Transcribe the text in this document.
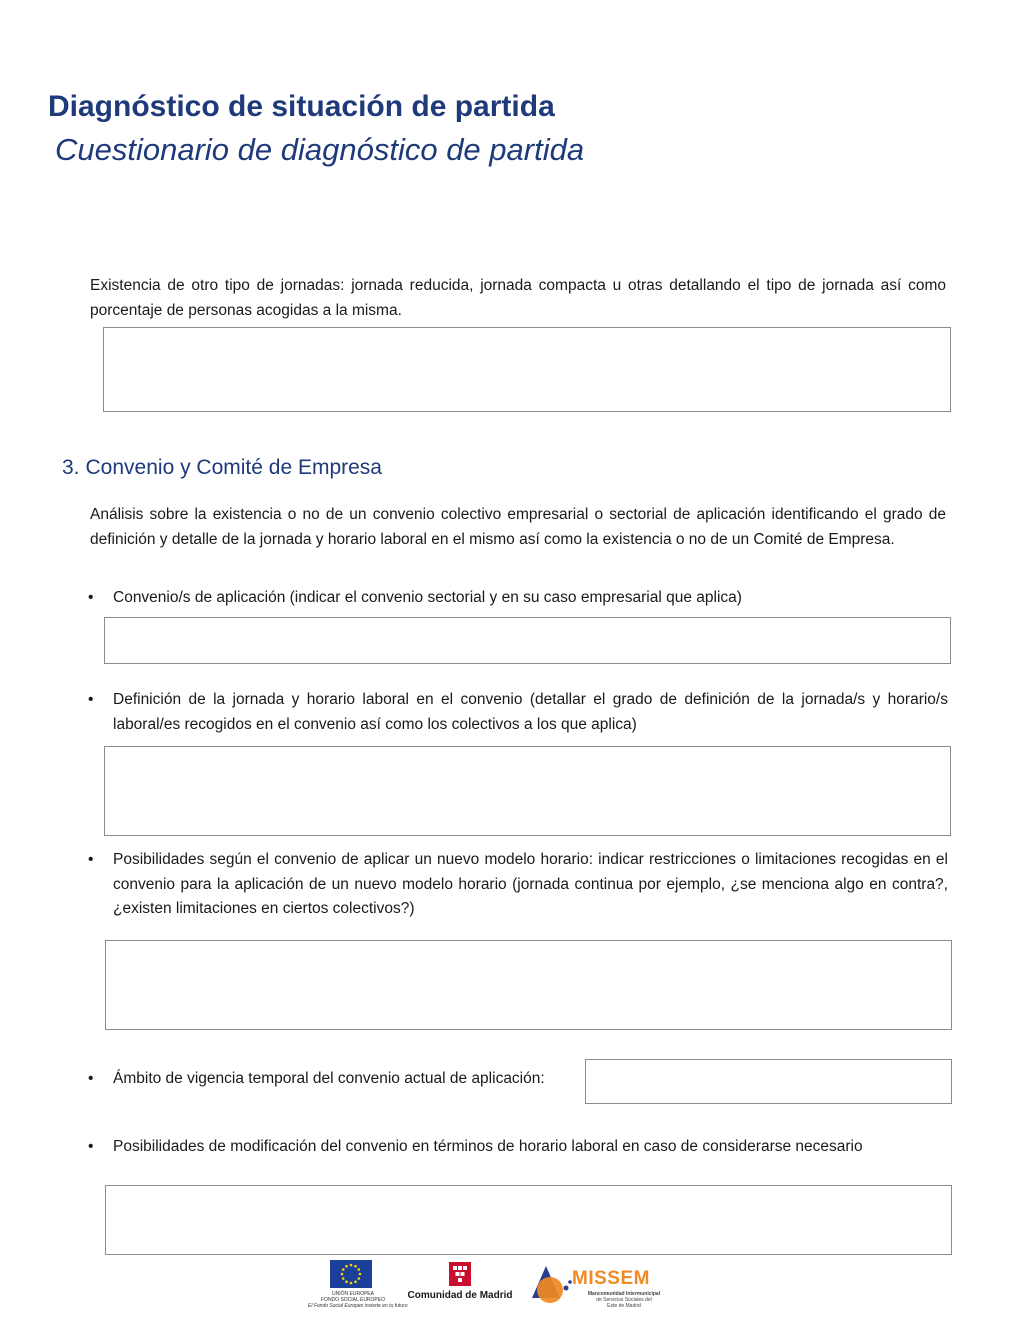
Diagnóstico de situación de partida
Cuestionario de diagnóstico de partida

Existencia de otro tipo de jornadas: jornada reducida, jornada compacta u otras detallando el tipo de jornada así como porcentaje de personas acogidas a la misma.

3. Convenio y Comité de Empresa

Análisis sobre la existencia o no de un convenio colectivo empresarial o sectorial de aplicación identificando el grado de definición y detalle de la jornada y horario laboral en el mismo así como la existencia o no de un Comité de Empresa.

•	Convenio/s de aplicación (indicar el convenio sectorial y en su caso empresarial que aplica)
•	Definición de la jornada y horario laboral en el convenio (detallar el grado de definición de la jornada/s y horario/s laboral/es recogidos en el convenio así como los colectivos a los que aplica)
•	Posibilidades según el convenio de aplicar un nuevo modelo horario: indicar restricciones o limitaciones recogidas en el convenio para la aplicación de un nuevo modelo horario (jornada continua por ejemplo, ¿se menciona algo en contra?, ¿existen limitaciones en ciertos colectivos?)
•	Ámbito de vigencia temporal del convenio actual de aplicación:
•	Posibilidades de modificación del convenio en términos de horario laboral en caso de considerarse necesario
UNIÓN EUROPEA
FONDO SOCIAL EUROPEO
El Fondo Social Europeo invierte en tu futuro
Comunidad de Madrid
MISSEM
Mancomunidad Intermunicipal
de Servicios Sociales del
Este de Madrid
